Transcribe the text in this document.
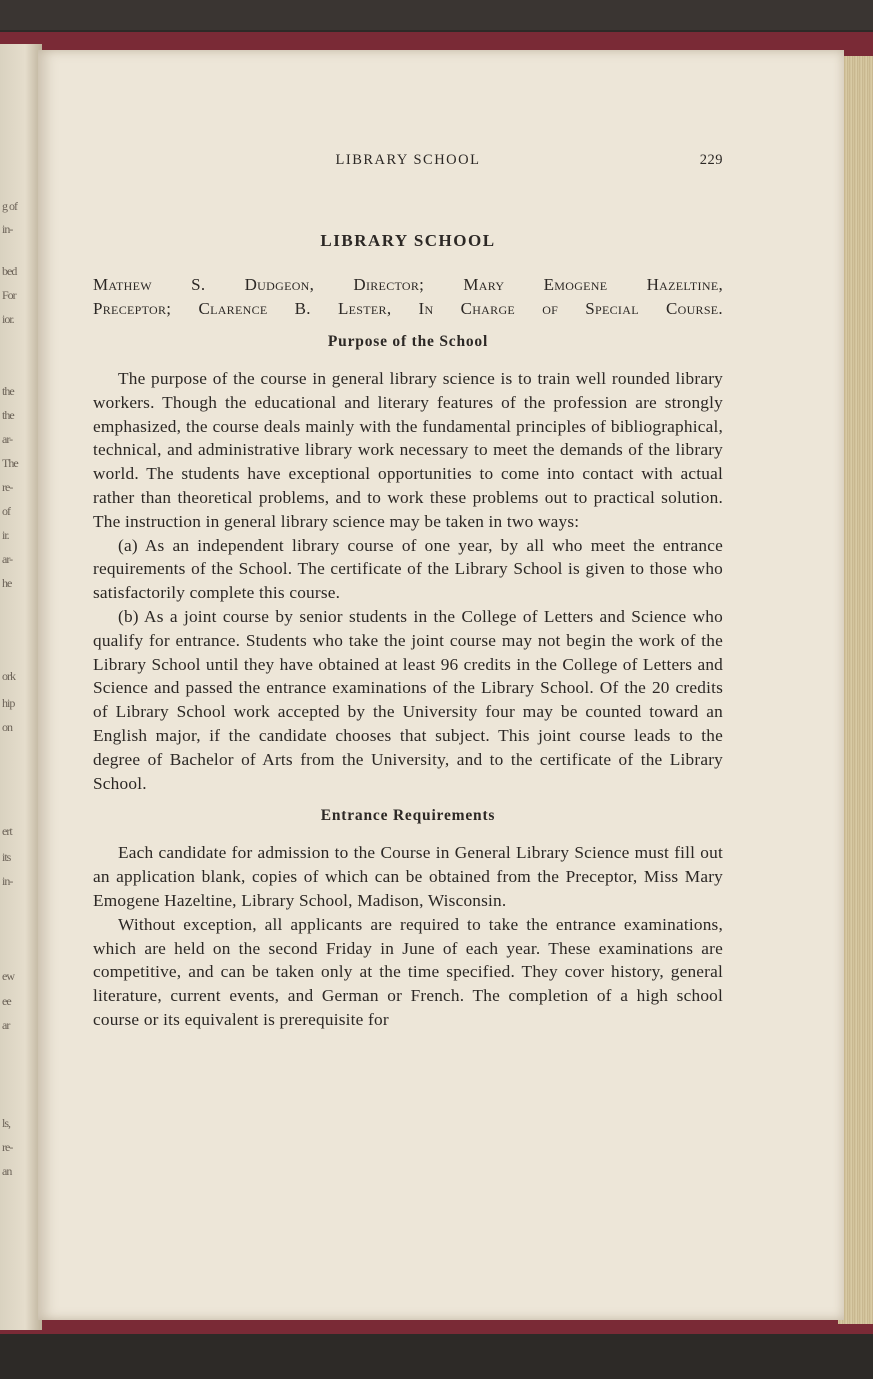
g of
in-
bed
For
ior.
the
the
ar-
The
re-
of
ir.
ar-
he
ork
hip
on
ert
its
in-
ew
ee
ar
ls,
re-
an
LIBRARY SCHOOL	229
LIBRARY SCHOOL
Mathew S. Dudgeon, Director; Mary Emogene Hazeltine,
Preceptor; Clarence B. Lester, In Charge of Special Course.
Purpose of the School

The purpose of the course in general library science is to train well rounded library workers. Though the educational and literary features of the profession are strongly emphasized, the course deals mainly with the fundamental principles of bibliographical, technical, and administrative library work necessary to meet the demands of the library world. The students have exceptional opportunities to come into contact with actual rather than theoretical problems, and to work these problems out to practical solution. The instruction in general library science may be taken in two ways:

(a) As an independent library course of one year, by all who meet the entrance requirements of the School. The certificate of the Library School is given to those who satisfactorily complete this course.

(b) As a joint course by senior students in the College of Letters and Science who qualify for entrance. Students who take the joint course may not begin the work of the Library School until they have obtained at least 96 credits in the College of Letters and Science and passed the entrance examinations of the Library School. Of the 20 credits of Library School work accepted by the University four may be counted toward an English major, if the candidate chooses that subject. This joint course leads to the degree of Bachelor of Arts from the University, and to the certificate of the Library School.

Entrance Requirements

Each candidate for admission to the Course in General Library Science must fill out an application blank, copies of which can be obtained from the Preceptor, Miss Mary Emogene Hazeltine, Library School, Madison, Wisconsin.

Without exception, all applicants are required to take the entrance examinations, which are held on the second Friday in June of each year. These examinations are competitive, and can be taken only at the time specified. They cover history, general literature, current events, and German or French. The completion of a high school course or its equivalent is prerequisite for
